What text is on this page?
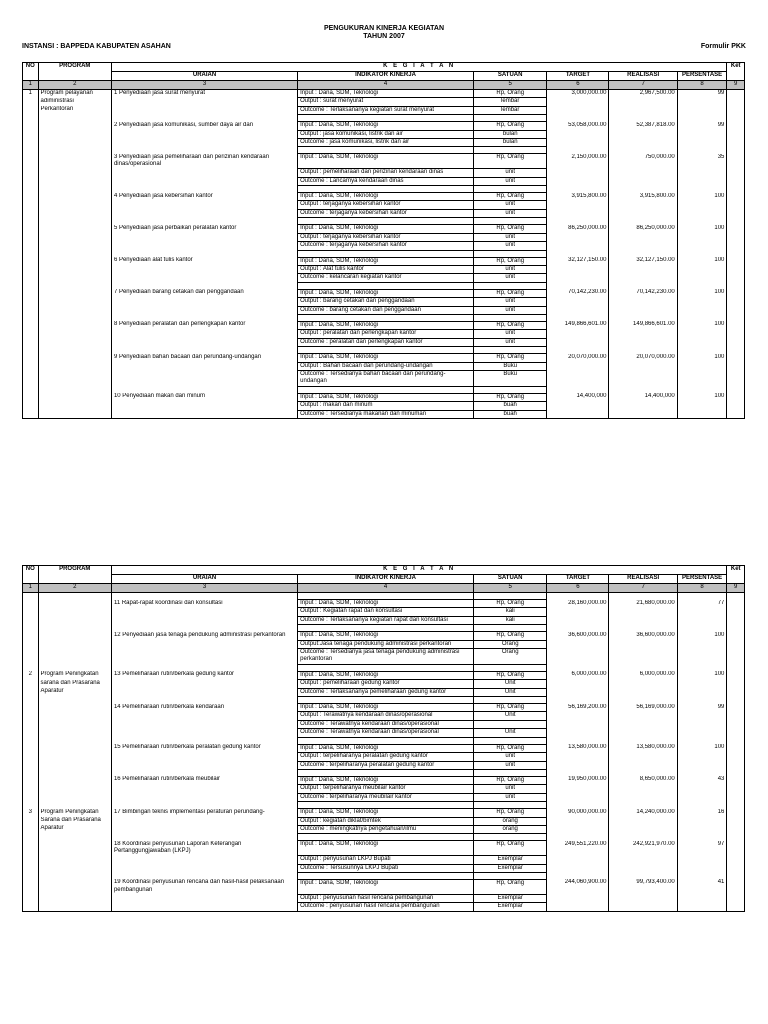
PENGUKURAN KINERJA KEGIATAN
TAHUN 2007
INSTANSI : BAPPEDA KABUPATEN ASAHAN	Formulir PKK
NO	PROGRAM	K E G I A T A N						Ket
		URAIAN	INDIKATOR KINERJA	SATUAN	TARGET	REALISASI	PERSENTASE	
1	2	3	4	5	6	7	8	9
1	Program pelayanan	1 Penyediaan jasa surat menyurat	Input : Dana, SDM, Teknologi	Rp, Orang	3,000,000.00	2,967,500.00	99	
	adiministrasi		Output : surat menyurat	lembar				
	Perkantoran		Outcome : Terlaksananya kegiatan surat menyurat	lembar				

		2 Penyediaan jasa komunikasi, sumber daya air dan	Input : Dana, SDM, Teknologi	Rp, Orang	53,058,000.00	52,387,818.00	99	
			Output : jasa komunikasi, listrik dan air	bulan				
			Outcome : jasa komunikasi, listrik dan air	bulan				

		3 Penyediaan jasa pemeliharaan dan perizinan kendaraan dinas/operasional	Input : Dana, SDM, Teknologi	Rp, Orang	2,150,000.00	750,000.00	35	
			Output : pemeliharaan dan perizinan kendaraan dinas	unit				
			Outcome : Lancarnya kendaraan dinas	unit				

		4 Penyediaan jasa kebersihan kantor	Input : Dana, SDM, Teknologi	Rp, Orang	3,915,800.00	3,915,800.00	100	
			Output : terjaganya kebersihan kantor	unit				
			Outcome : terjaganya kebersihan kantor	unit				

		5 Penyediaan jasa perbaikan peralatan kantor	Input : Dana, SDM, Teknologi	Rp, Orang	86,250,000.00	86,250,000.00	100	
			Output : terjaganya kebersihan kantor	unit				
			Outcome : terjaganya kebersihan kantor	unit				

		6 Penyediaan alat tulis kantor	Input : Dana, SDM, Teknologi	Rp, Orang	32,127,150.00	32,127,150.00	100	
			Output : Alat tulis kantor	unit				
			Outcome : kelancaran kegiatan kantor	unit				

		7 Penyediaan barang cetakan dan penggandaan	Input : Dana, SDM, Teknologi	Rp, Orang	70,142,230.00	70,142,230.00	100	
			Output : barang cetakan dan penggandaan	unit				
			Outcome : barang cetakan dan penggandaan	unit				

		8 Penyediaan peralatan dan perlengkapan kantor	Input : Dana, SDM, Teknologi	Rp, Orang	149,866,601.00	149,866,601.00	100	
			Output : peralatan dan perlengkapan kantor	unit				
			Outcome : peralatan dan perlengkapan kantor	unit				

		9 Penyediaan bahan bacaan dan perundang-undangan	Input : Dana, SDM, Teknologi	Rp, Orang	20,070,000.00	20,070,000.00	100	
			Output : Bahan bacaan dan perundang-undangan	Buku				
			Outcome : Tersedianya bahan bacaan dan perundang-undangan	Buku				

		10 Penyediaan makan dan minum	Input : Dana, SDM, Teknologi	Rp, Orang	14,400,000	14,400,000	100	
			Output : makan dan minum	buah				
			Outcome : Tersedianya makanan dan minuman	buah				
NO	PROGRAM	K E G I A T A N						Ket
		URAIAN	INDIKATOR KINERJA	SATUAN	TARGET	REALISASI	PERSENTASE	
1	2	3	4	5	6	7	8	9

		11 Rapat-rapat koordinasi dan konsultasi	Input : Dana, SDM, Teknologi	Rp, Orang	28,160,000.00	21,680,000.00	77	
			Output : Kegiatan rapat dan konsultasi	kali				
			Outcome : Terlaksananya kegiatan rapat dan konsultasi	kali				

		12 Penyediaan jasa tenaga pendukung administrasi perkantoran	Input : Dana, SDM, Teknologi	Rp, Orang	36,600,000.00	36,600,000.00	100	
			Output:Jasa tenaga pendukung administrasi perkantoran	Orang				
			Outcome : Tersedianya jasa tenaga pendukung administrasi perkantoran	Orang				

2	Program Peningkatan	13 Pemeliharaan rutin/berkala gedung kantor	Input : Dana, SDM, Teknologi	Rp, Orang	6,000,000.00	6,000,000.00	100	
	sarana dan Prasarana		Output : pemeliharaan gedung kantor	Unit				
	Aparatur		Outcome : Terlaksananya pemeliharaan gedung kantor	Unit				

		14 Pemeliharaan rutin/berkala kendaraan	Input : Dana, SDM, Teknologi	Rp, Orang	56,169,200.00	56,169,000.00	99	
			Output : Terawatnya kendaraan dinas/operasional	Unit				
			Outcome : Terawatnya kendaraan dinas/operasional					
			Outcome : Terawatnya kendaraan dinas/operasional	Unit				

		15 Pemeliharaan rutin/berkala peralatan gedung kantor	Input : Dana, SDM, Teknologi	Rp, Orang	13,580,000.00	13,580,000.00	100	
			Output : terpeliharanya peralatan gedung kantor	unit				
			Outcome : terpeliharanya peralatan gedung kantor	unit				

		16 Pemeliharaan rutin/berkala meubilair	Input : Dana, SDM, Teknologi	Rp, Orang	19,950,000.00	8,650,000.00	43	
			Output : terpeliharanya meubilair kantor	unit				
			Outcome : terpeliharanya meubilair kantor	unit				

3	Program Peningkatan	17 Bimbingan teknis implementasi peraturan perundang-	Input : Dana, SDM, Teknologi	Rp, Orang	90,000,000.00	14,240,000.00	16	
	Sarana dan Prasarana		Output : kegiatan diklat/bimtek	orang				
	Aparatur		Outcome : meningkatnya pengetahuan/ilmu	orang				

		18 Koordinasi penyusunan Laporan Keterangan Pertanggungjawaban (LKPJ)	Input : Dana, SDM, Teknologi	Rp, Orang	249,551,220.00	242,921,970.00	97	
			Output : penyusunan LKPJ Bupati	Exemplar				
			Outcome : Tersusunnya LKPJ Bupati	Exemplar				

		19 Koordinasi penyusunan rencana dan hasil-hasil pelaksanaan pembangunan	Input : Dana, SDM, Teknologi	Rp, Orang	244,060,900.00	99,793,400.00	41	
			Output : penyusunan hasil rencana pembangunan	Exemplar				
			Outcome : penyusunan hasil rencana pembangunan	Exemplar				
